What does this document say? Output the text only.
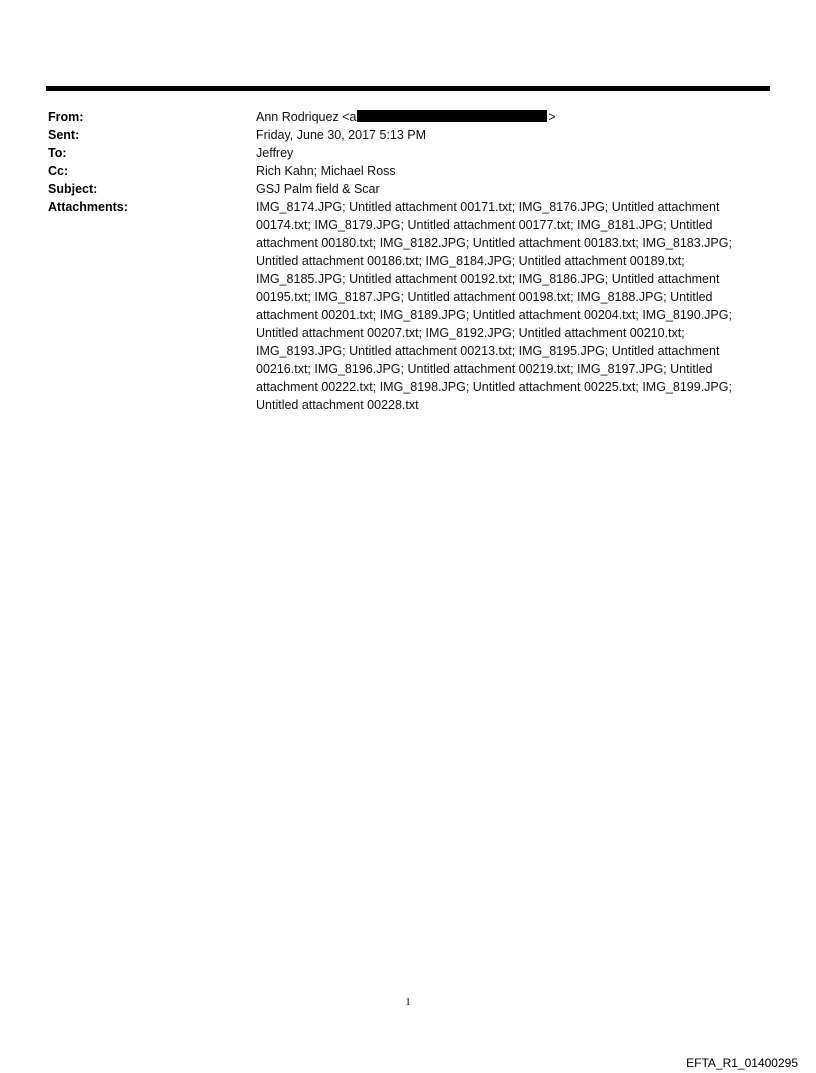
From:	Ann Rodriquez <a	>
Sent:	Friday, June 30, 2017 5:13 PM
To:	Jeffrey
Cc:	Rich Kahn; Michael Ross
Subject:	GSJ Palm field & Scar
Attachments:	IMG_8174.JPG; Untitled attachment 00171.txt; IMG_8176.JPG; Untitled attachment 00174.txt; IMG_8179.JPG; Untitled attachment 00177.txt; IMG_8181.JPG; Untitled attachment 00180.txt; IMG_8182.JPG; Untitled attachment 00183.txt; IMG_8183.JPG; Untitled attachment 00186.txt; IMG_8184.JPG; Untitled attachment 00189.txt; IMG_8185.JPG; Untitled attachment 00192.txt; IMG_8186.JPG; Untitled attachment 00195.txt; IMG_8187.JPG; Untitled attachment 00198.txt; IMG_8188.JPG; Untitled attachment 00201.txt; IMG_8189.JPG; Untitled attachment 00204.txt; IMG_8190.JPG; Untitled attachment 00207.txt; IMG_8192.JPG; Untitled attachment 00210.txt; IMG_8193.JPG; Untitled attachment 00213.txt; IMG_8195.JPG; Untitled attachment 00216.txt; IMG_8196.JPG; Untitled attachment 00219.txt; IMG_8197.JPG; Untitled attachment 00222.txt; IMG_8198.JPG; Untitled attachment 00225.txt; IMG_8199.JPG; Untitled attachment 00228.txt
1
EFTA_R1_01400295
